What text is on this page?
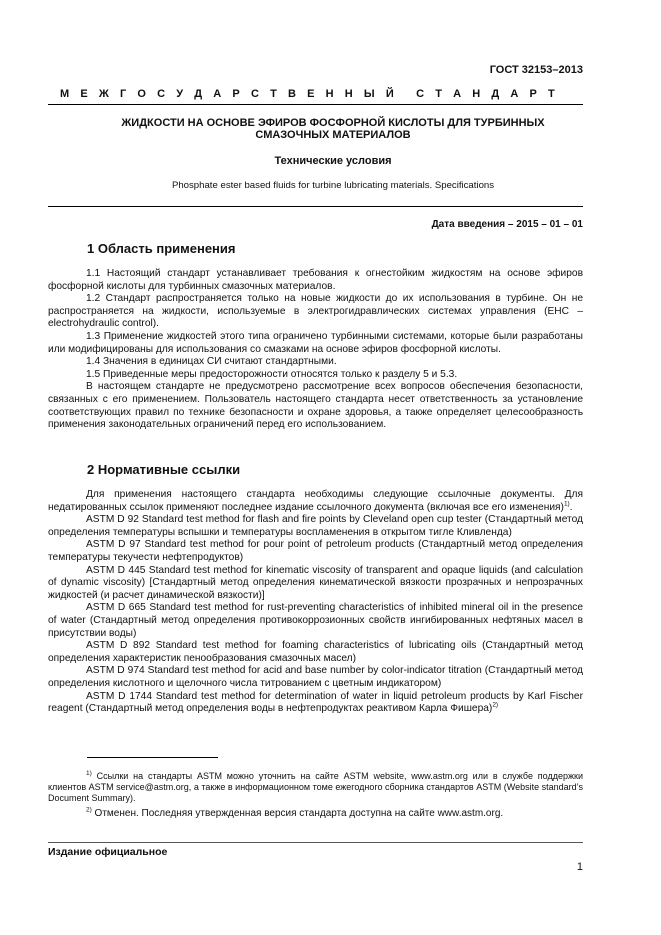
ГОСТ 32153–2013
М Е Ж Г О С У Д А Р С Т В Е Н Н Ы Й С Т А Н Д А Р Т
ЖИДКОСТИ НА ОСНОВЕ ЭФИРОВ ФОСФОРНОЙ КИСЛОТЫ ДЛЯ ТУРБИННЫХ
СМАЗОЧНЫХ МАТЕРИАЛОВ
Технические условия
Phosphate ester based fluids for turbine lubricating materials. Specifications
Дата введения – 2015 – 01 – 01
1 Область применения

1.1 Настоящий стандарт устанавливает требования к огнестойким жидкостям на основе эфиров фосфорной кислоты для турбинных смазочных материалов.

1.2 Стандарт распространяется только на новые жидкости до их использования в турбине. Он не распространяется на жидкости, используемые в электрогидравлических системах управления (EHC – electrohydraulic control).

1.3 Применение жидкостей этого типа ограничено турбинными системами, которые были разработаны или модифицированы для использования со смазками на основе эфиров фосфорной кислоты.

1.4 Значения в единицах СИ считают стандартными.

1.5 Приведенные меры предосторожности относятся только к разделу 5 и 5.3.

В настоящем стандарте не предусмотрено рассмотрение всех вопросов обеспечения безопасности, связанных с его применением. Пользователь настоящего стандарта несет ответственность за установление соответствующих правил по технике безопасности и охране здоровья, а также определяет целесообразность применения законодательных ограничений перед его использованием.

2 Нормативные ссылки

Для применения настоящего стандарта необходимы следующие ссылочные документы. Для недатированных ссылок применяют последнее издание ссылочного документа (включая все его изменения)$^{1)}$.

ASTM D 92 Standard test method for flash and fire points by Cleveland open cup tester (Стандартный метод определения температуры вспышки и температуры воспламенения в открытом тигле Кливленда)

ASTM D 97 Standard test method for pour point of petroleum products (Стандартный метод определения температуры текучести нефтепродуктов)

ASTM D 445 Standard test method for kinematic viscosity of transparent and opaque liquids (and calculation of dynamic viscosity) [Стандартный метод определения кинематической вязкости прозрачных и непрозрачных жидкостей (и расчет динамической вязкости)]

ASTM D 665 Standard test method for rust-preventing characteristics of inhibited mineral oil in the presence of water (Стандартный метод определения противокоррозионных свойств ингибированных нефтяных масел в присутствии воды)

ASTM D 892 Standard test method for foaming characteristics of lubricating oils (Стандартный метод определения характеристик пенообразования смазочных масел)

ASTM D 974 Standard test method for acid and base number by color-indicator titration (Стандартный метод определения кислотного и щелочного числа титрованием с цветным индикатором)

ASTM D 1744 Standard test method for determination of water in liquid petroleum products by Karl Fischer reagent (Стандартный метод определения воды в нефтепродуктах реактивом Карла Фишера)$^{2)}$

$^{1)}$ Ссылки на стандарты ASTM можно уточнить на сайте ASTM website, www.astm.org или в службе поддержки клиентов ASTM service@astm.org, а также в информационном томе ежегодного сборника стандартов ASTM (Website standard’s Document Summary).

$^{2)}$ Отменен. Последняя утвержденная версия стандарта доступна на сайте www.astm.org.

Издание официальное
1
